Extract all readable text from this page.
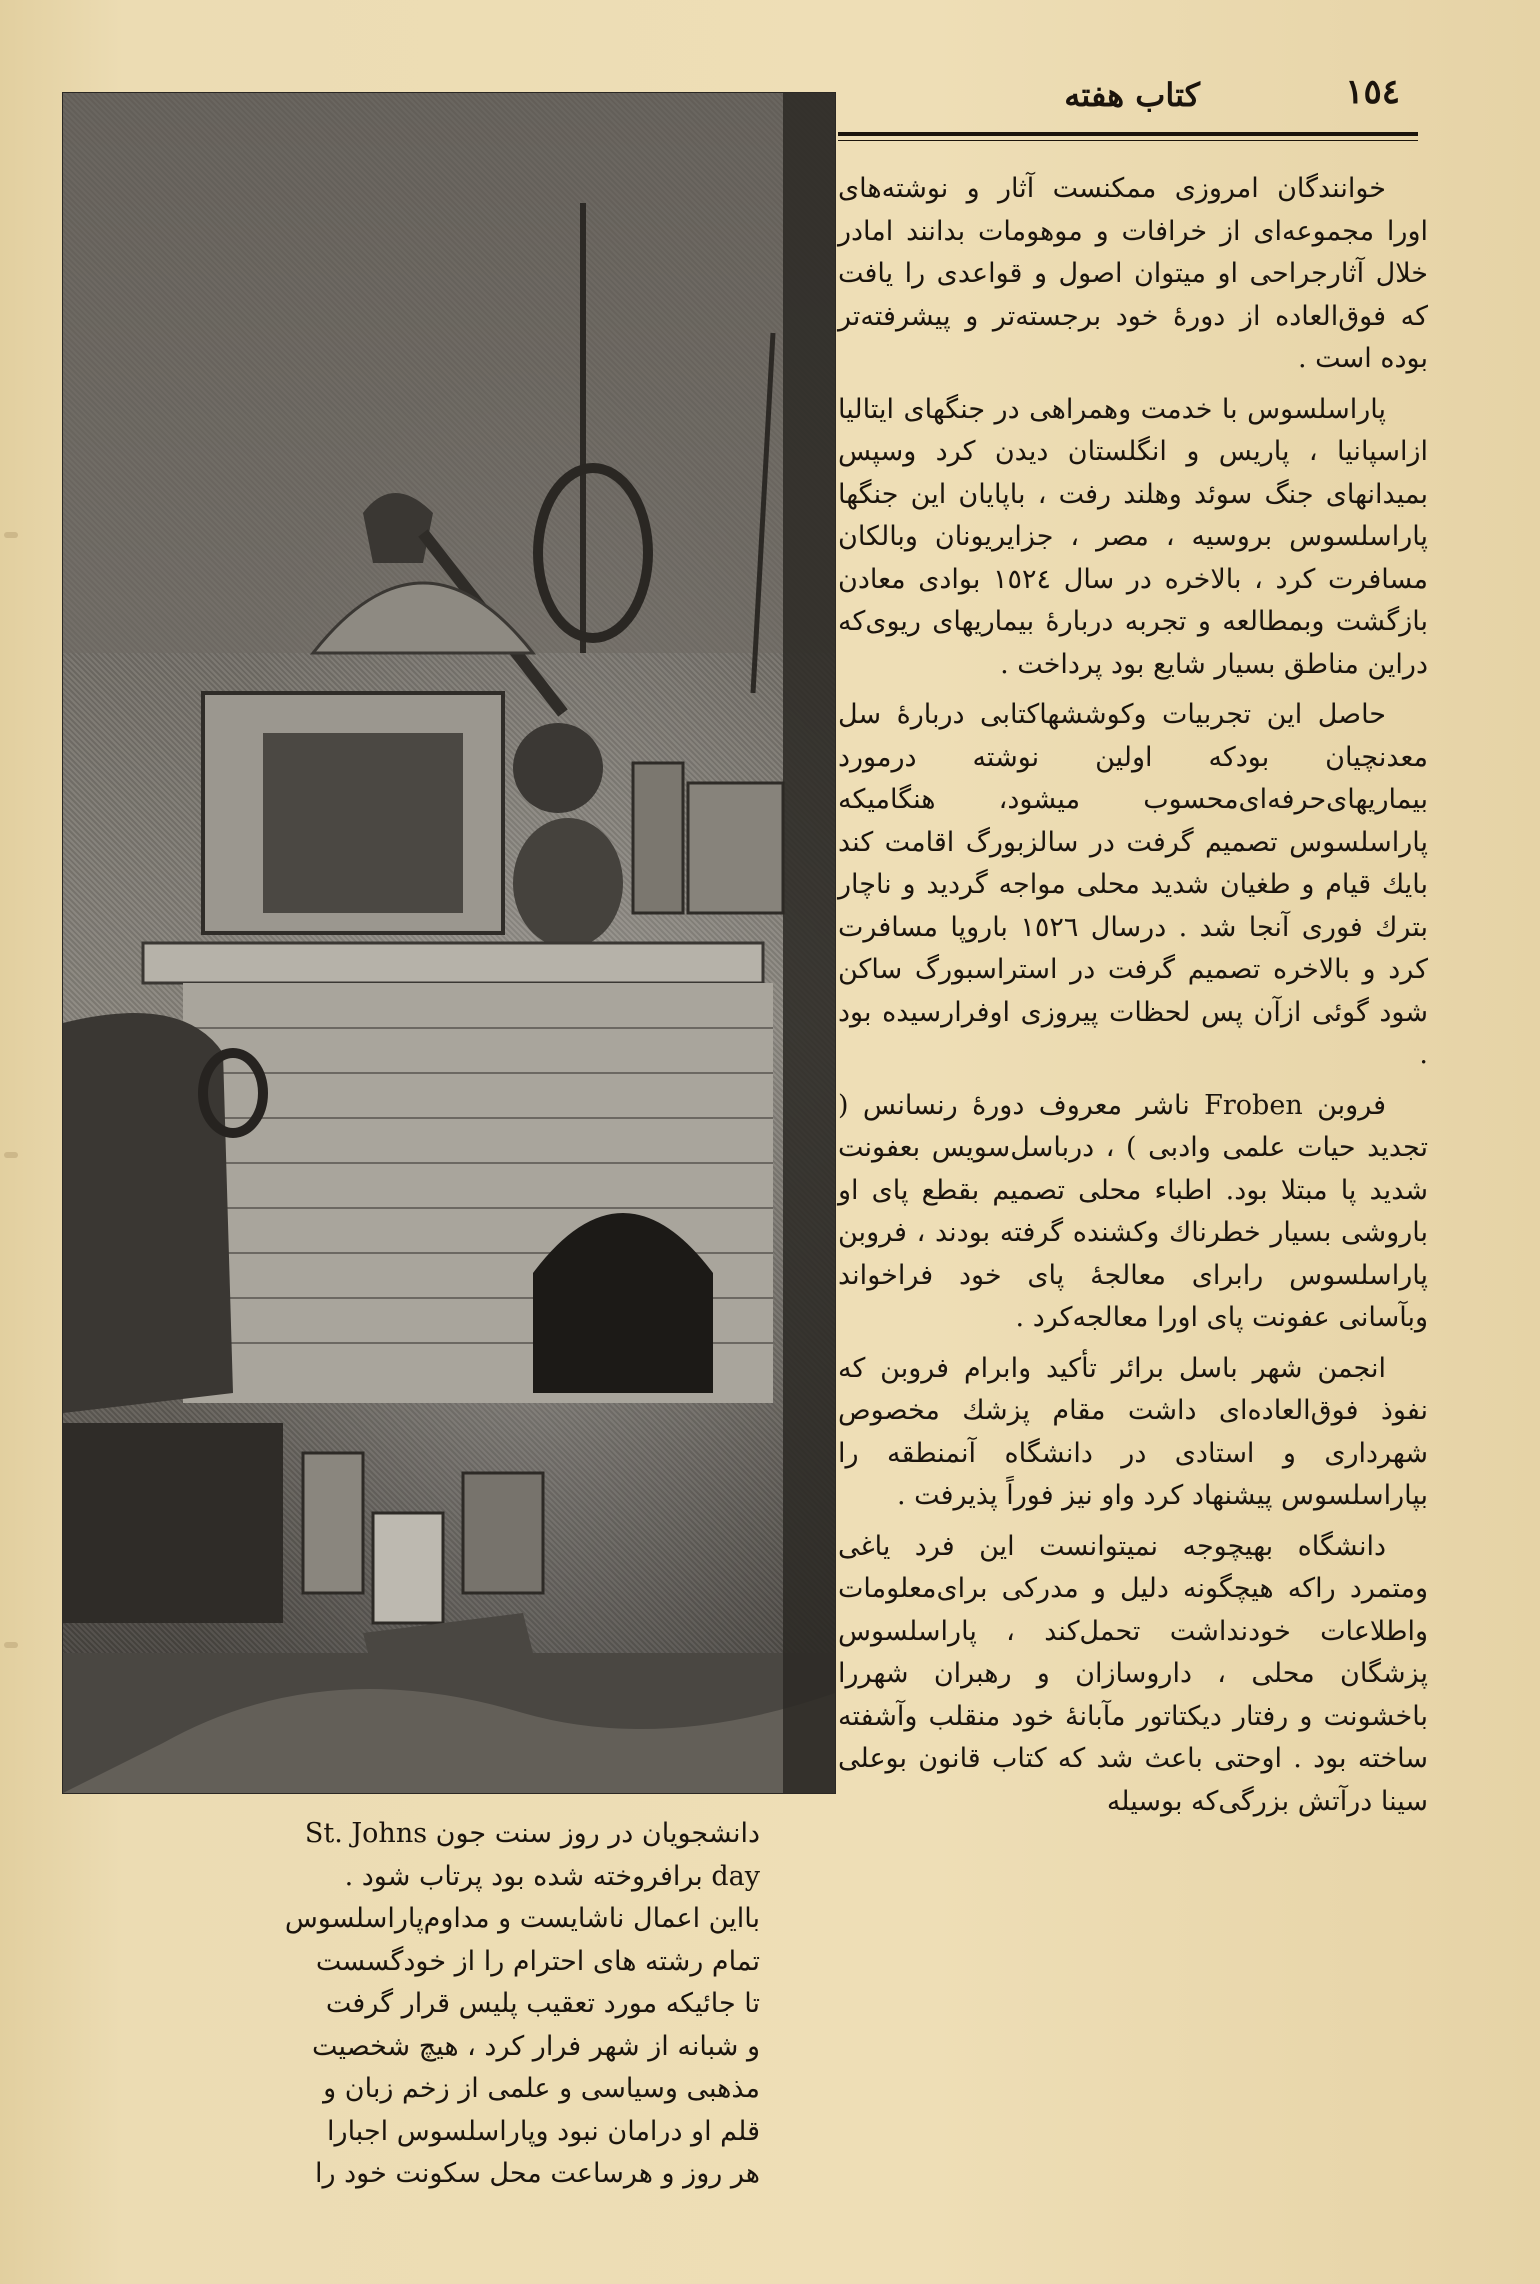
١٥٤
کتاب هفته

خوانندگان امروزی ممکنست آثار و نوشته‌های اورا مجموعه‌ای از خرافات و موهومات بدانند امادر خلال آثارجراحی او میتوان اصول و قواعدی را یافت که فوق‌العاده از دورهٔ خود برجسته‌تر و پیشرفته‌تر بوده است .

پاراسلسوس با خدمت وهمراهی در جنگهای ایتالیا ازاسپانیا ، پاریس و انگلستان دیدن کرد وسپس بمیدانهای جنگ سوئد وهلند رفت ، باپایان این جنگها پاراسلسوس بروسیه ، مصر ، جزایریونان وبالکان مسافرت کرد ، بالاخره در سال ١٥٢٤ بوادی معادن بازگشت وبمطالعه و تجربه دربارهٔ بیماریهای ریوی‌که دراین مناطق بسیار شایع بود پرداخت .

حاصل این تجربیات وکوششهاکتابی دربارهٔ سل معدنچیان بودکه اولین نوشته درمورد بیماریهای‌حرفه‌ای‌محسوب میشود، هنگامیکه پاراسلسوس تصمیم گرفت در سالزبورگ اقامت کند بایك قیام و طغیان شدید محلی مواجه گردید و ناچار بترك فوری آنجا شد . درسال ١٥٢٦ باروپا مسافرت کرد و بالاخره تصمیم گرفت در استراسبورگ ساکن شود گوئی ازآن پس لحظات پیروزی اوفرارسیده بود .

فروبن Froben ناشر معروف دورهٔ رنسانس ( تجدید حیات علمی وادبی ) ، درباسل‌سویس بعفونت شدید پا مبتلا بود. اطباء محلی تصمیم بقطع پای او باروشی بسیار خطرناك وکشنده گرفته بودند ، فروبن پاراسلسوس رابرای معالجهٔ پای خود فراخواند وبآسانی عفونت پای اورا معالجه‌کرد .

انجمن شهر باسل برائر تأکید وابرام فروبن که نفوذ فوق‌العاده‌ای داشت مقام پزشك مخصوص شهرداری و استادی در دانشگاه آنمنطقه را بپاراسلسوس پیشنهاد کرد واو نیز فوراً پذیرفت .

دانشگاه بهیچوجه نمیتوانست این فرد یاغی ومتمرد راکه هیچگونه دلیل و مدرکی برای‌معلومات واطلاعات خودنداشت تحمل‌کند ، پاراسلسوس پزشگان محلی ، داروسازان و رهبران شهررا باخشونت و رفتار دیکتاتور مآبانهٔ خود منقلب وآشفته ساخته بود . اوحتی باعث شد که کتاب قانون بوعلی سینا درآتش بزرگی‌که بوسیله

دانشجویان در روز سنت جون St. Johns
day برافروخته شده بود پرتاب شود .
بااین اعمال ناشایست و مداوم‌پاراسلسوس
تمام رشته های احترام را از خودگسست
تا جائیکه مورد تعقیب پلیس قرار گرفت
و شبانه از شهر فرار کرد ، هیچ شخصیت
مذهبی وسیاسی و علمی از زخم زبان و
قلم او درامان نبود وپاراسلسوس اجبارا
هر روز و هرساعت محل سکونت خود را
